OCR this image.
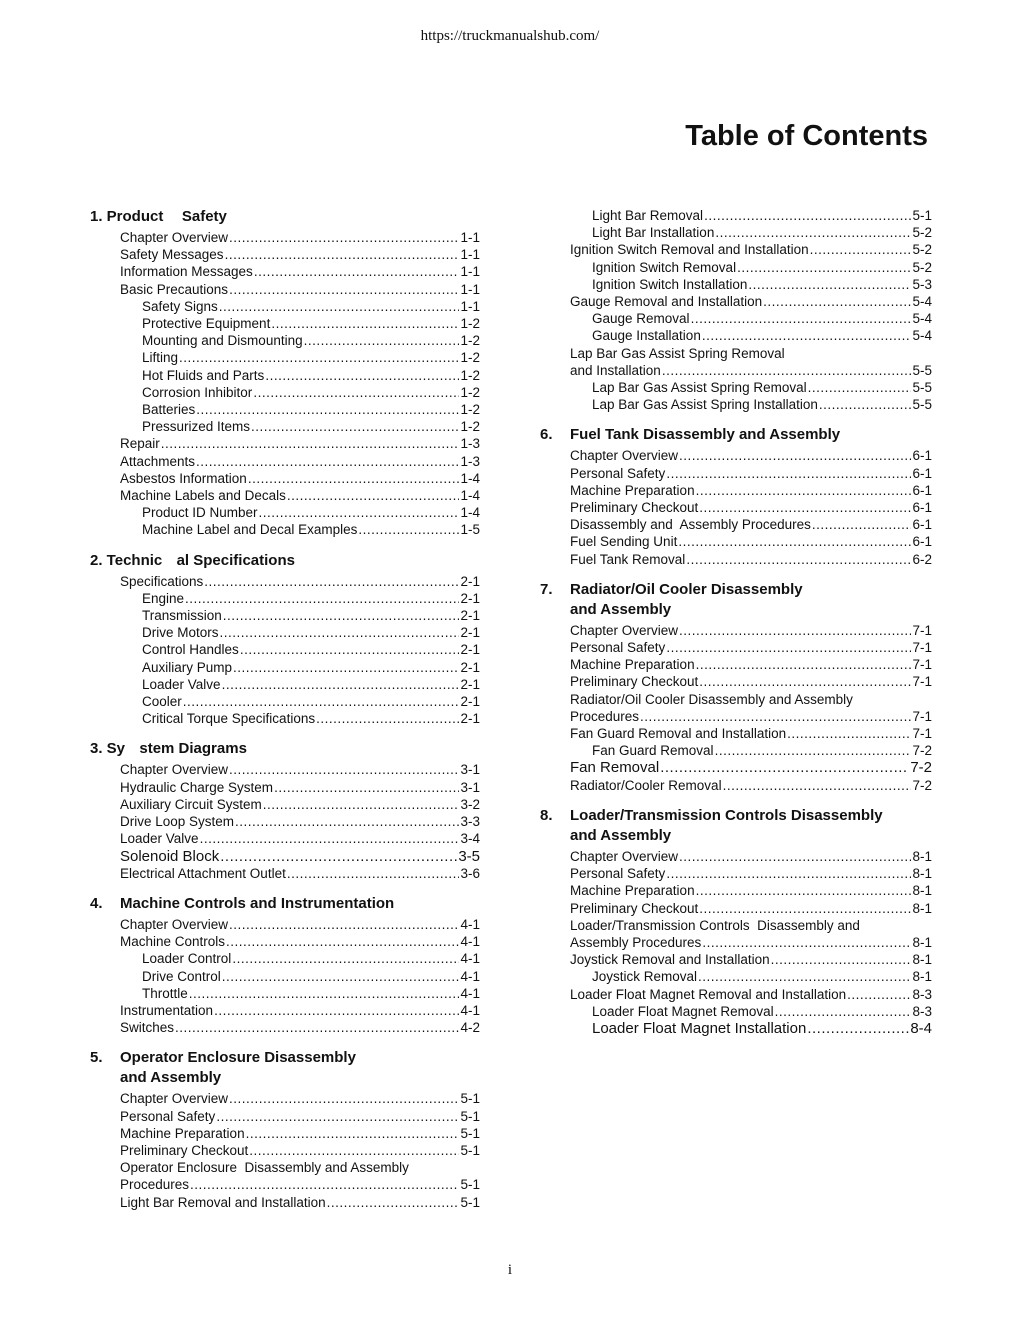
https://truckmanualshub.com/
Table of Contents
1. Product Safety
Chapter Overview .....	1-1
Safety Messages .....	1-1
Information Messages .....	1-1
Basic Precautions .....	1-1
Safety Signs .....	1-1
Protective Equipment .....	1-2
Mounting and Dismounting .....	1-2
Lifting .....	1-2
Hot Fluids and Parts .....	1-2
Corrosion Inhibitor .....	1-2
Batteries .....	1-2
Pressurized Items .....	1-2
Repair .....	1-3
Attachments .....	1-3
Asbestos Information .....	1-4
Machine Labels and Decals .....	1-4
Product ID Number .....	1-4
Machine Label and Decal Examples .....	1-5
2. Technic al Specifications
Specifications .....	2-1
Engine .....	2-1
Transmission .....	2-1
Drive Motors .....	2-1
Control Handles .....	2-1
Auxiliary Pump .....	2-1
Loader Valve .....	2-1
Cooler .....	2-1
Critical Torque Specifications .....	2-1
3. Sy stem Diagrams
Chapter Overview .....	3-1
Hydraulic Charge System .....	3-1
Auxiliary Circuit System .....	3-2
Drive Loop System .....	3-3
Loader Valve .....	3-4
Solenoid Block .....	3-5
Electrical Attachment Outlet .....	3-6
4.	Machine Controls and Instrumentation
Chapter Overview .....	4-1
Machine Controls .....	4-1
Loader Control .....	4-1
Drive Control .....	4-1
Throttle .....	4-1
Instrumentation .....	4-1
Switches .....	4-2
5.	Operator Enclosure Disassembly
and Assembly
Chapter Overview .....	5-1
Personal Safety .....	5-1
Machine Preparation .....	5-1
Preliminary Checkout .....	5-1
Operator Enclosure  Disassembly and Assembly
Procedures .....	5-1
Light Bar Removal and Installation .....	5-1
Light Bar Removal .....	5-1
Light Bar Installation .....	5-2
Ignition Switch Removal and Installation .....	5-2
Ignition Switch Removal .....	5-2
Ignition Switch Installation .....	5-3
Gauge Removal and Installation .....	5-4
Gauge Removal .....	5-4
Gauge Installation .....	5-4
Lap Bar Gas Assist Spring Removal
and Installation .....	5-5
Lap Bar Gas Assist Spring Removal .....	5-5
Lap Bar Gas Assist Spring Installation .....	5-5
6.	Fuel Tank Disassembly and Assembly
Chapter Overview .....	6-1
Personal Safety .....	6-1
Machine Preparation .....	6-1
Preliminary Checkout .....	6-1
Disassembly and  Assembly Procedures .....	6-1
Fuel Sending Unit .....	6-1
Fuel Tank Removal .....	6-2
7.	Radiator/Oil Cooler Disassembly
and Assembly
Chapter Overview .....	7-1
Personal Safety .....	7-1
Machine Preparation .....	7-1
Preliminary Checkout .....	7-1
Radiator/Oil Cooler Disassembly and Assembly
Procedures .....	7-1
Fan Guard Removal and Installation .....	7-1
Fan Guard Removal .....	7-2
Fan Removal .....	7-2
Radiator/Cooler Removal .....	7-2
8.	Loader/Transmission Controls Disassembly
and Assembly
Chapter Overview .....	8-1
Personal Safety .....	8-1
Machine Preparation .....	8-1
Preliminary Checkout .....	8-1
Loader/Transmission Controls  Disassembly and
Assembly Procedures .....	8-1
Joystick Removal and Installation .....	8-1
Joystick Removal .....	8-1
Loader Float Magnet Removal and Installation .....	8-3
Loader Float Magnet Removal .....	8-3
Loader Float Magnet Installation .....	8-4
i
